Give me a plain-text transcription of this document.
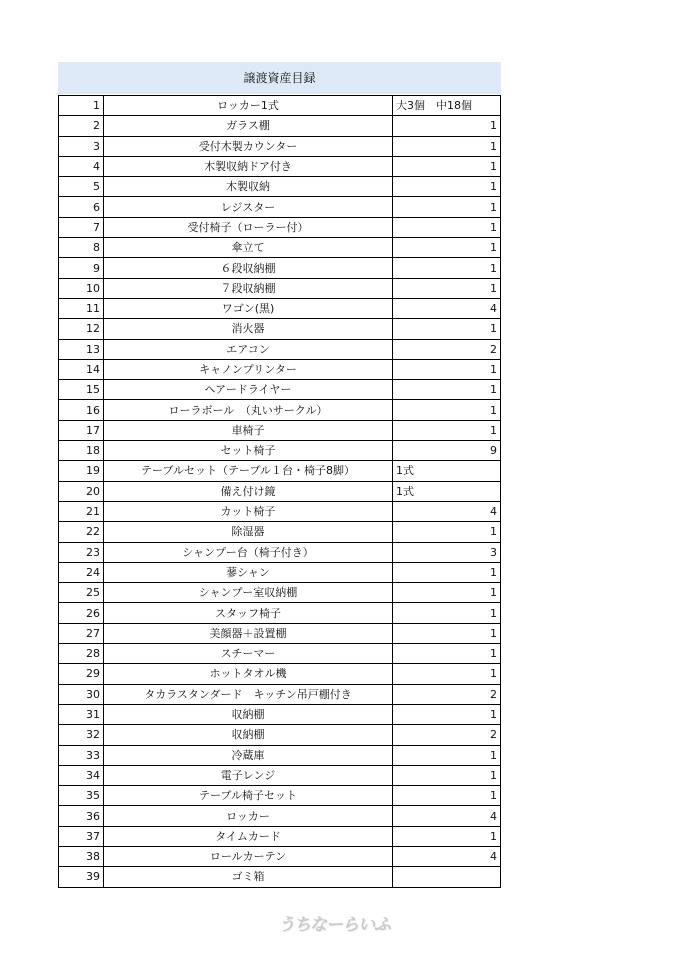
譲渡資産目録
1	ロッカー1式	大3個　中18個
2	ガラス棚	1
3	受付木製カウンター	1
4	木製収納ドア付き	1
5	木製収納	1
6	レジスター	1
7	受付椅子（ローラー付）	1
8	傘立て	1
9	６段収納棚	1
10	７段収納棚	1
11	ワゴン(黒)	4
12	消火器	1
13	エアコン	2
14	キャノンプリンター	1
15	ヘアードライヤー	1
16	ローラボール　（丸いサークル）	1
17	車椅子	1
18	セット椅子	9
19	テーブルセット（テーブル１台・椅子8脚）	1式
20	備え付け鏡	1式
21	カット椅子	4
22	除湿器	1
23	シャンプー台（椅子付き）	3
24	蓼シャン	1
25	シャンプー室収納棚	1
26	スタッフ椅子	1
27	美顔器＋設置棚	1
28	スチーマー	1
29	ホットタオル機	1
30	タカラスタンダード　キッチン吊戸棚付き	2
31	収納棚	1
32	収納棚	2
33	冷蔵庫	1
34	電子レンジ	1
35	テーブル椅子セット	1
36	ロッカー	4
37	タイムカード	1
38	ロールカーテン	4
39	ゴミ箱	
うちなーらいふ
